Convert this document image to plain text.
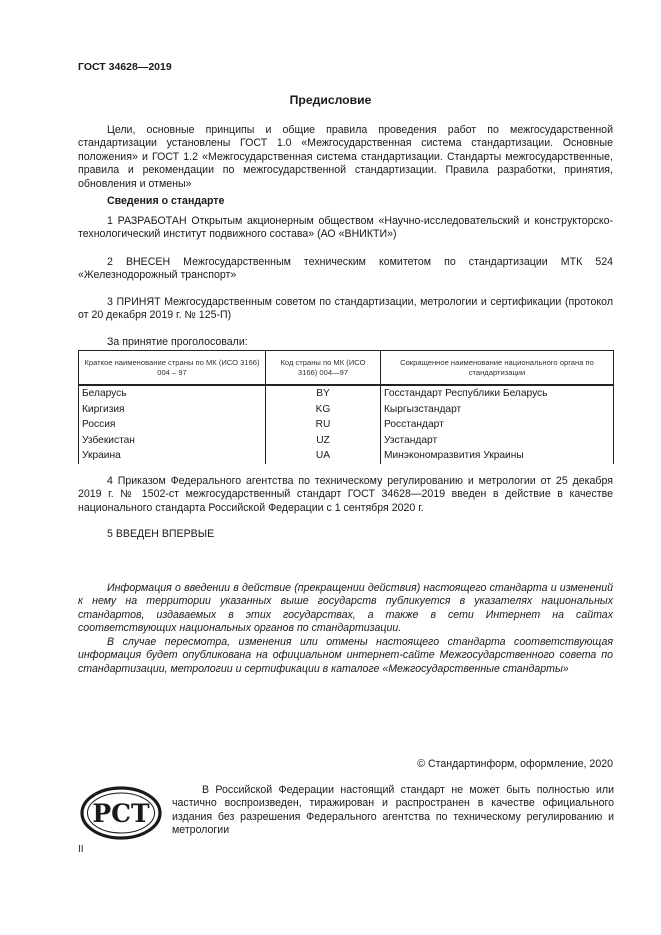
ГОСТ 34628—2019
Предисловие

Цели, основные принципы и общие правила проведения работ по межгосударственной стандартизации установлены ГОСТ 1.0 «Межгосударственная система стандартизации. Основные положения» и ГОСТ 1.2 «Межгосударственная система стандартизации. Стандарты межгосударственные, правила и рекомендации по межгосударственной стандартизации. Правила разработки, принятия, обновления и отмены»

Сведения о стандарте

1 РАЗРАБОТАН Открытым акционерным обществом «Научно-исследовательский и конструкторско-технологический институт подвижного состава» (АО «ВНИКТИ»)

2 ВНЕСЕН Межгосударственным техническим комитетом по стандартизации МТК 524 «Железнодорожный транспорт»

3 ПРИНЯТ Межгосударственным советом по стандартизации, метрологии и сертификации (протокол от 20 декабря 2019 г. № 125-П)

За принятие проголосовали:

Краткое наименование страны по МК (ИСО 3166) 004 – 97	Код страны по МК (ИСО 3166) 004—97	Сокращенное наименование национального органа по стандартизации
Беларусь	BY	Госстандарт Республики Беларусь
Киргизия	KG	Кыргызстандарт
Россия	RU	Росстандарт
Узбекистан	UZ	Узстандарт
Украина	UA	Минэкономразвития Украины

4 Приказом Федерального агентства по техническому регулированию и метрологии от 25 декабря 2019 г. № 1502-ст межгосударственный стандарт ГОСТ 34628—2019 введен в действие в качестве национального стандарта Российской Федерации с 1 сентября 2020 г.

5 ВВЕДЕН ВПЕРВЫЕ

Информация о введении в действие (прекращении действия) настоящего стандарта и изменений к нему на территории указанных выше государств публикуется в указателях национальных стандартов, издаваемых в этих государствах, а также в сети Интернет на сайтах соответствующих национальных органов по стандартизации.

В случае пересмотра, изменения или отмены настоящего стандарта соответствующая информация будет опубликована на официальном интернет-сайте Межгосударственного совета по стандартизации, метрологии и сертификации в каталоге «Межгосударственные стандарты»

© Стандартинформ, оформление, 2020
РСТ

В Российской Федерации настоящий стандарт не может быть полностью или частично воспроизведен, тиражирован и распространен в качестве официального издания без разрешения Федерального агентства по техническому регулированию и метрологии

II
